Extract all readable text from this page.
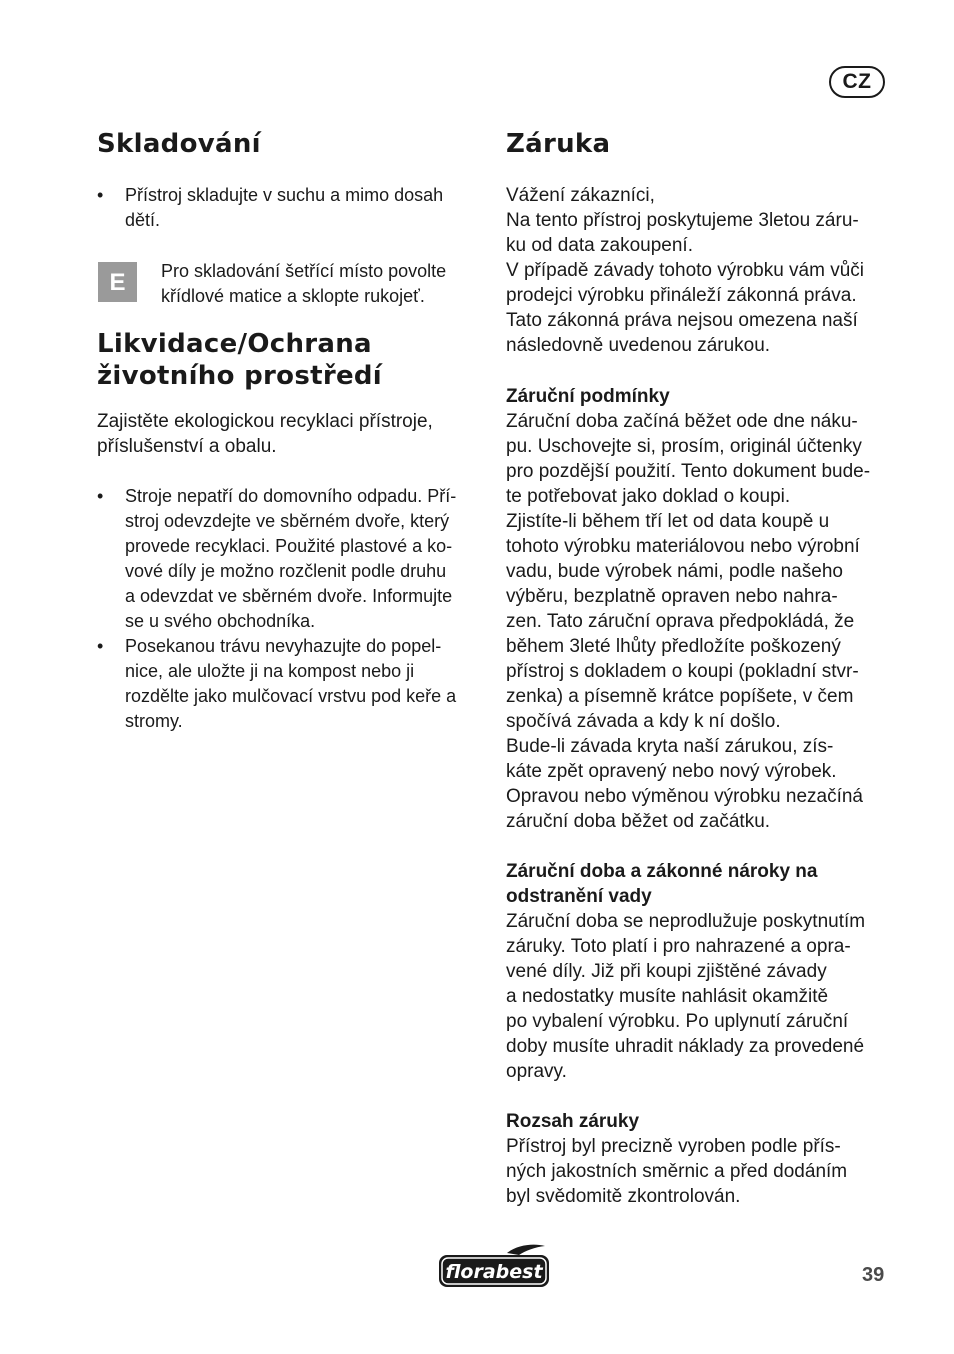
CZ
Skladování
• Přístroj skladujte v suchu a mimo dosah
dětí.
E	Pro skladování šetřící místo povolte
křídlové matice a sklopte rukojeť.
Likvidace/Ochrana
životního prostředí
Zajistěte ekologickou recyklaci přístroje,
příslušenství a obalu.
• Stroje nepatří do domovního odpadu. Pří-
stroj odevzdejte ve sběrném dvoře, který
provede recyklaci. Použité plastové a ko-
vové díly je možno rozčlenit podle druhu
a odevzdat ve sběrném dvoře. Informujte
se u svého obchodníka.
• Posekanou trávu nevyhazujte do popel-
nice, ale uložte ji na kompost nebo ji
rozdělte jako mulčovací vrstvu pod keře a
stromy.
Záruka
Vážení zákazníci,
Na tento přístroj poskytujeme 3letou záru-
ku od data zakoupení.
V případě závady tohoto výrobku vám vůči
prodejci výrobku přináleží zákonná práva.
Tato zákonná práva nejsou omezena naší
následovně uvedenou zárukou.
Záruční podmínky
Záruční doba začíná běžet ode dne náku-
pu. Uschovejte si, prosím, originál účtenky
pro pozdější použití. Tento dokument bude-
te potřebovat jako doklad o koupi.
Zjistíte-li během tří let od data koupě u
tohoto výrobku materiálovou nebo výrobní
vadu, bude výrobek námi, podle našeho
výběru, bezplatně opraven nebo nahra-
zen. Tato záruční oprava předpokládá, že
během 3leté lhůty předložíte poškozený
přístroj s dokladem o koupi (pokladní stvr-
zenka) a písemně krátce popíšete, v čem
spočívá závada a kdy k ní došlo.
Bude-li závada kryta naší zárukou, zís-
káte zpět opravený nebo nový výrobek.
Opravou nebo výměnou výrobku nezačíná
záruční doba běžet od začátku.
Záruční doba a zákonné nároky na
odstranění vady
Záruční doba se neprodlužuje poskytnutím
záruky. Toto platí i pro nahrazené a opra-
vené díly. Již při koupi zjištěné závady
a nedostatky musíte nahlásit okamžitě
po vybalení výrobku. Po uplynutí záruční
doby musíte uhradit náklady za provedené
opravy.
Rozsah záruky
Přístroj byl precizně vyroben podle přís-
ných jakostních směrnic a před dodáním
byl svědomitě zkontrolován.
florabest	39
